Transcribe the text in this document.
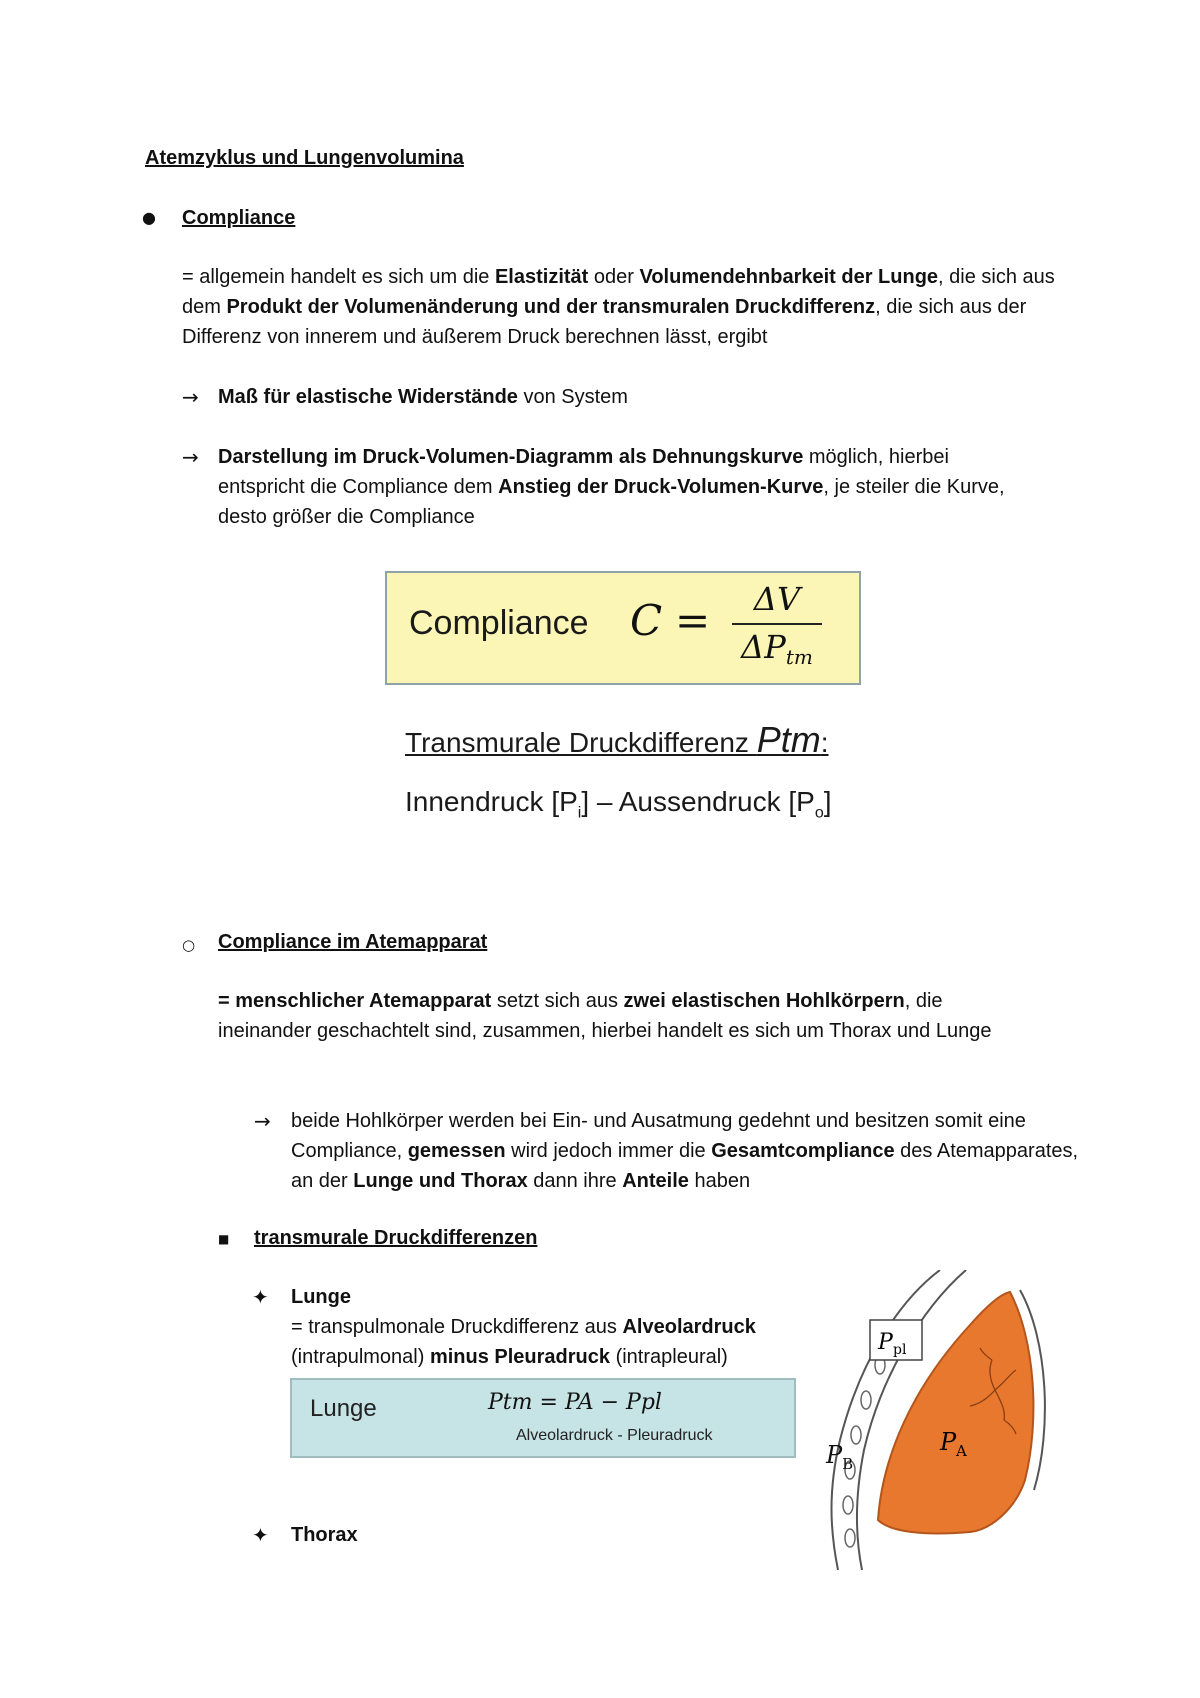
Atemzyklus und Lungenvolumina
● Compliance
= allgemein handelt es sich um die Elastizität oder Volumendehnbarkeit der Lunge, die sich aus dem Produkt der Volumenänderung und der transmuralen Druckdifferenz, die sich aus der Differenz von innerem und äußerem Druck berechnen lässt, ergibt
→ Maß für elastische Widerstände von System
→ Darstellung im Druck-Volumen-Diagramm als Dehnungskurve möglich, hierbei entspricht die Compliance dem Anstieg der Druck-Volumen-Kurve, je steiler die Kurve, desto größer die Compliance
Compliance C =	ΔV
$\Delta P_{tm}$
Transmurale Druckdifferenz Ptm:
Innendruck $[P_i]$ – Aussendruck $[P_o]$
○ Compliance im Atemapparat
= menschlicher Atemapparat setzt sich aus zwei elastischen Hohlkörpern, die ineinander geschachtelt sind, zusammen, hierbei handelt es sich um Thorax und Lunge
→ beide Hohlkörper werden bei Ein- und Ausatmung gedehnt und besitzen somit eine Compliance, gemessen wird jedoch immer die Gesamtcompliance des Atemapparates, an der Lunge und Thorax dann ihre Anteile haben
■ transmurale Druckdifferenzen
✦ Lunge
= transpulmonale Druckdifferenz aus Alveolardruck (intrapulmonal) minus Pleuradruck (intrapleural)
Lunge	Ptm = PA − Ppl
Alveolardruck - Pleuradruck
✦ Thorax
P pl
P A
$P_B$
